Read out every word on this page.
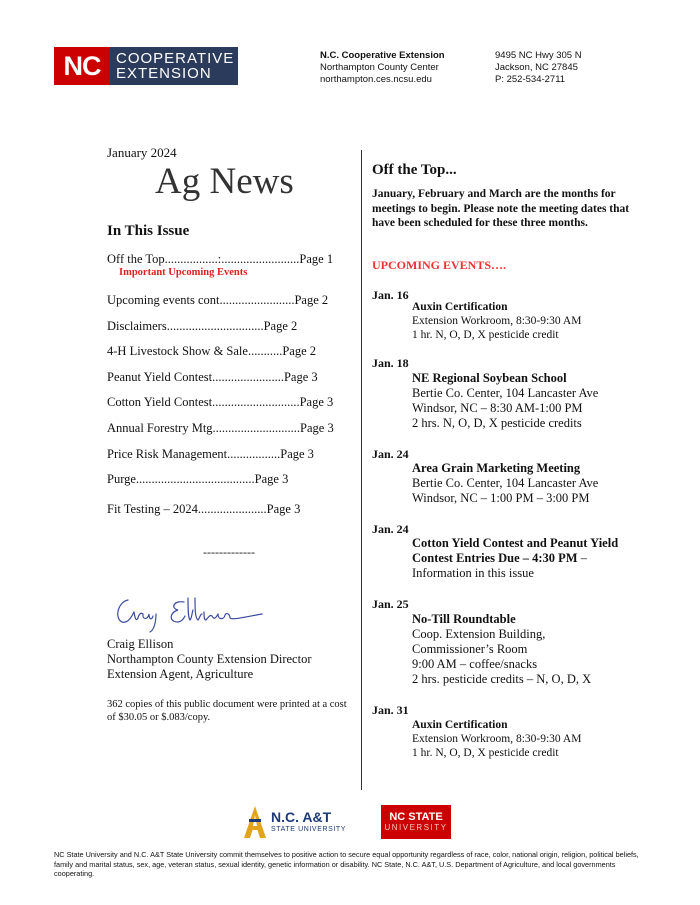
NC	COOPERATIVE
EXTENSION
N.C. Cooperative Extension
Northampton County Center
northampton.ces.ncsu.edu
9495 NC Hwy 305 N
Jackson, NC 27845
P: 252-534-2711
January 2024
Ag News
In This Issue
Off the Top.................:.........................Page 1
Important Upcoming Events
Upcoming events cont........................Page 2
Disclaimers...............................Page 2
4-H Livestock Show & Sale...........Page 2
Peanut Yield Contest.......................Page 3
Cotton Yield Contest............................Page 3
Annual Forestry Mtg............................Page 3
Price Risk Management.................Page 3
Purge......................................Page 3
Fit Testing – 2024......................Page 3
-------------
Craig Ellison
Northampton County Extension Director
Extension Agent, Agriculture
362 copies of this public document were printed at a cost of $30.05 or $.083/copy.
Off the Top...
January, February and March are the months for meetings to begin. Please note the meeting dates that have been scheduled for these three months.
UPCOMING EVENTS….
Jan. 16
Auxin Certification
Extension Workroom, 8:30-9:30 AM
1 hr. N, O, D, X pesticide credit
Jan. 18
NE Regional Soybean School
Bertie Co. Center, 104 Lancaster Ave
Windsor, NC – 8:30 AM-1:00 PM
2 hrs. N, O, D, X pesticide credits
Jan. 24
Area Grain Marketing Meeting
Bertie Co. Center, 104 Lancaster Ave
Windsor, NC – 1:00 PM – 3:00 PM
Jan. 24
Cotton Yield Contest and Peanut Yield Contest Entries Due – 4:30 PM – Information in this issue
Jan. 25
No-Till Roundtable
Coop. Extension Building,
Commissioner’s Room
9:00 AM – coffee/snacks
2 hrs. pesticide credits – N, O, D, X
Jan. 31
Auxin Certification
Extension Workroom, 8:30-9:30 AM
1 hr. N, O, D, X pesticide credit
N.C. A&T
STATE UNIVERSITY
NC STATE
UNIVERSITY
NC State University and N.C. A&T State University commit themselves to positive action to secure equal opportunity regardless of race, color, national origin, religion, political beliefs, family and marital status, sex, age, veteran status, sexual identity, genetic information or disability. NC State, N.C. A&T, U.S. Department of Agriculture, and local governments cooperating.
